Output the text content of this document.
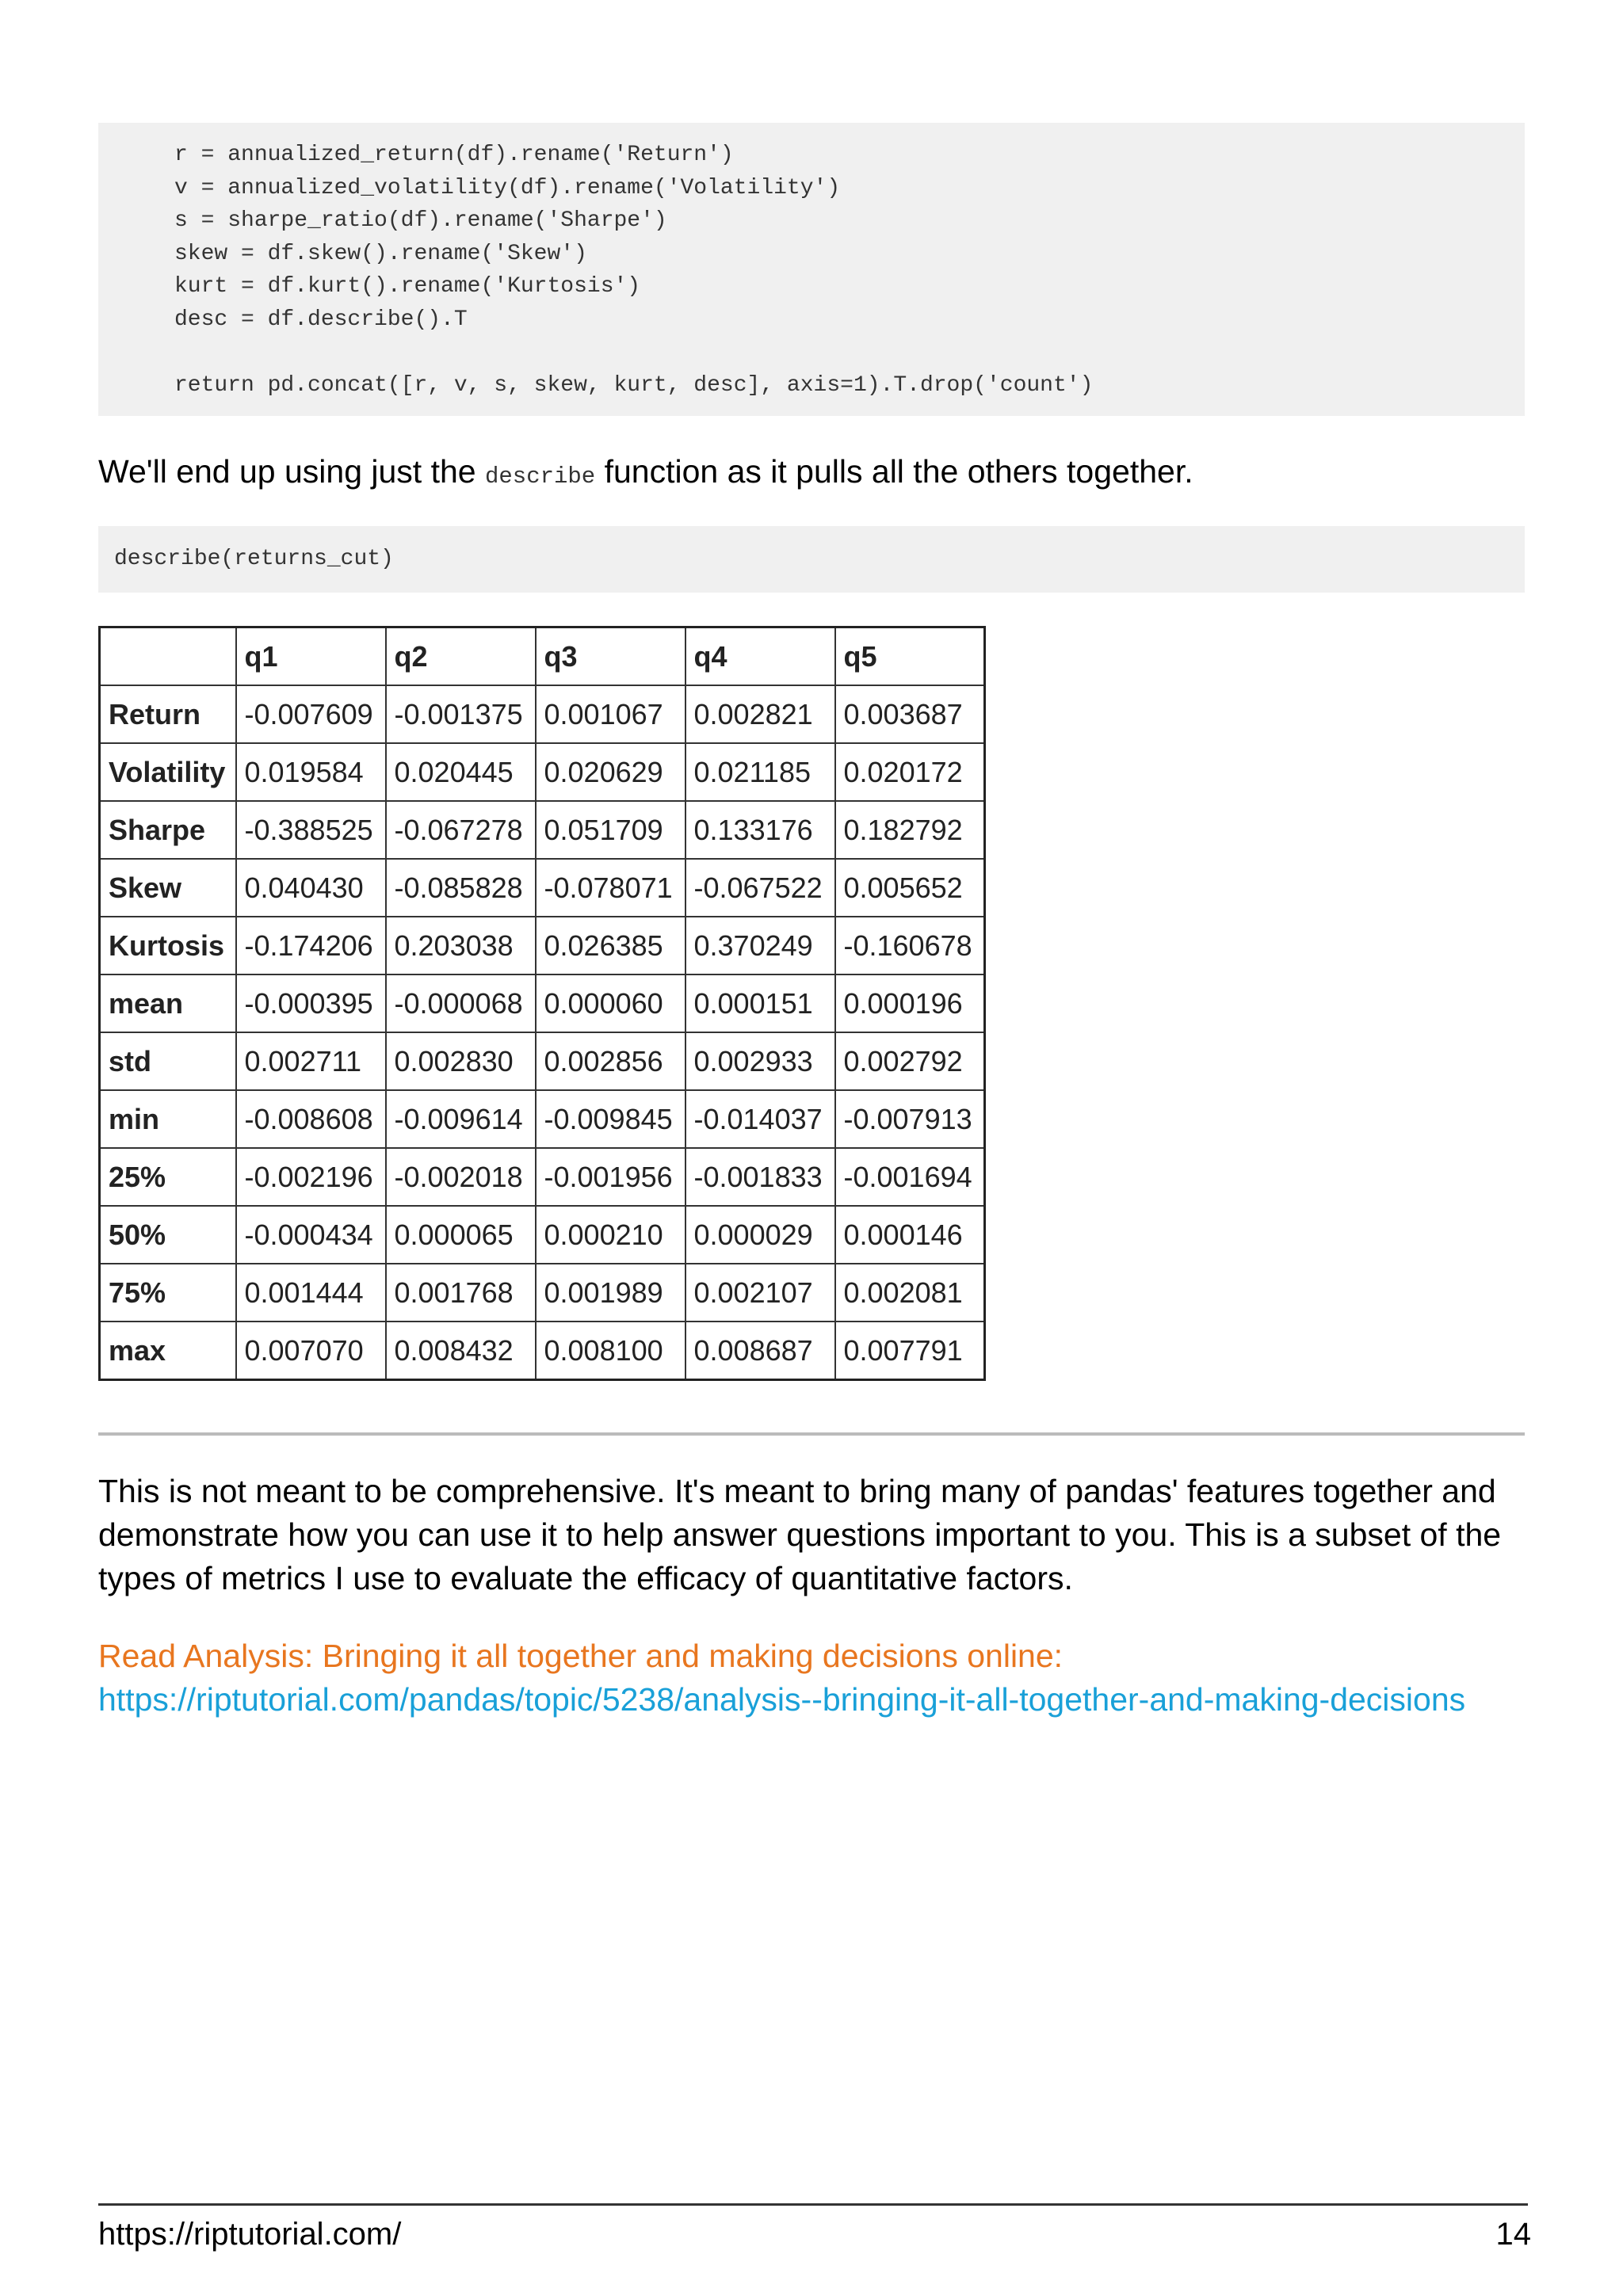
r = annualized_return(df).rename('Return')
v = annualized_volatility(df).rename('Volatility')
s = sharpe_ratio(df).rename('Sharpe')
skew = df.skew().rename('Skew')
kurt = df.kurt().rename('Kurtosis')
desc = df.describe().T
return pd.concat([r, v, s, skew, kurt, desc], axis=1).T.drop('count')
We'll end up using just the describe function as it pulls all the others together.
describe(returns_cut)
	q1	q2	q3	q4	q5
Return	-0.007609	-0.001375	0.001067	0.002821	0.003687
Volatility	0.019584	0.020445	0.020629	0.021185	0.020172
Sharpe	-0.388525	-0.067278	0.051709	0.133176	0.182792
Skew	0.040430	-0.085828	-0.078071	-0.067522	0.005652
Kurtosis	-0.174206	0.203038	0.026385	0.370249	-0.160678
mean	-0.000395	-0.000068	0.000060	0.000151	0.000196
std	0.002711	0.002830	0.002856	0.002933	0.002792
min	-0.008608	-0.009614	-0.009845	-0.014037	-0.007913
25%	-0.002196	-0.002018	-0.001956	-0.001833	-0.001694
50%	-0.000434	0.000065	0.000210	0.000029	0.000146
75%	0.001444	0.001768	0.001989	0.002107	0.002081
max	0.007070	0.008432	0.008100	0.008687	0.007791
This is not meant to be comprehensive. It's meant to bring many of pandas' features together and demonstrate how you can use it to help answer questions important to you. This is a subset of the types of metrics I use to evaluate the efficacy of quantitative factors.
Read Analysis: Bringing it all together and making decisions online:
https://riptutorial.com/pandas/topic/5238/analysis--bringing-it-all-together-and-making-decisions
https://riptutorial.com/	14
